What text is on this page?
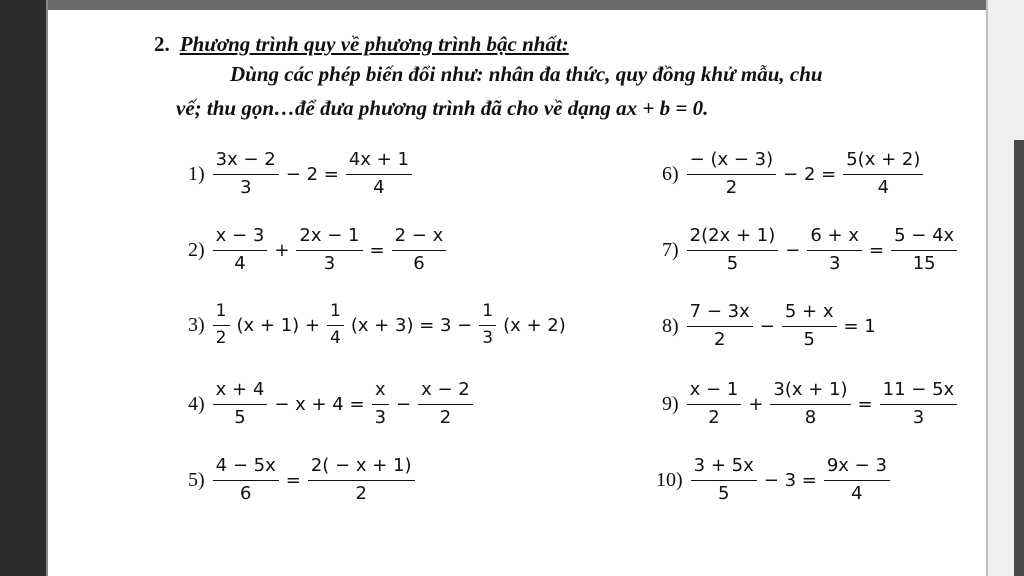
2. Phương trình quy về phương trình bậc nhất:
Dùng các phép biến đổi như: nhân đa thức, quy đồng khử mẫu, chu
vế; thu gọn…để đưa phương trình đã cho về dạng ax + b = 0.
$1) \frac{3x - 2}{3} - 2 = \frac{4x + 1}{4}$
$2) \frac{x - 3}{4} + \frac{2x - 1}{3} = \frac{2 - x}{6}$
$3) \frac{1}{2} (x + 1) + \frac{1}{4} (x + 3) = 3 - \frac{1}{3} (x + 2)$
$4) \frac{x + 4}{5} - x + 4 = \frac{x}{3} - \frac{x - 2}{2}$
$5) \frac{4 - 5x}{6} = \frac{2( - x + 1)}{2}$
$6) \frac{- (x - 3)}{2} - 2 = \frac{5(x + 2)}{4}$
$7) \frac{2(2x + 1)}{5} - \frac{6 + x}{3} = \frac{5 - 4x}{15}$
$8) \frac{7 - 3x}{2} - \frac{5 + x}{5} = 1$
$9) \frac{x - 1}{2} + \frac{3(x + 1)}{8} = \frac{11 - 5x}{3}$
$10) \frac{3 + 5x}{5} - 3 = \frac{9x - 3}{4}$
